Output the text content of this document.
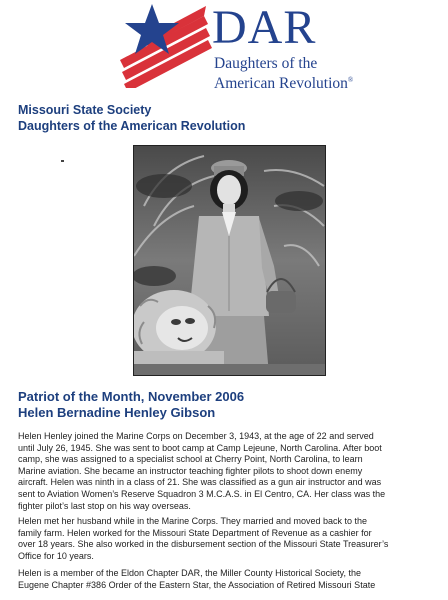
DAR
Daughters of the
American Revolution®
Missouri State Society
Daughters of the American Revolution
Patriot of the Month, November 2006
Helen Bernadine Henley Gibson
Helen Henley joined the Marine Corps on December 3, 1943, at the age of 22 and served
until July 26, 1945. She was sent to boot camp at Camp Lejeune, North Carolina. After boot
camp, she was assigned to a specialist school at Cherry Point, North Carolina, to learn
Marine aviation. She became an instructor teaching fighter pilots to shoot down enemy
aircraft. Helen was ninth in a class of 21. She was classified as a gun air instructor and was
sent to Aviation Women’s Reserve Squadron 3 M.C.A.S. in El Centro, CA. Her class was the
fighter pilot’s last stop on his way overseas.
Helen met her husband while in the Marine Corps. They married and moved back to the
family farm. Helen worked for the Missouri State Department of Revenue as a cashier for
over 18 years. She also worked in the disbursement section of the Missouri State Treasurer’s
Office for 10 years.
Helen is a member of the Eldon Chapter DAR, the Miller County Historical Society, the
Eugene Chapter #386 Order of the Eastern Star, the Association of Retired Missouri State
